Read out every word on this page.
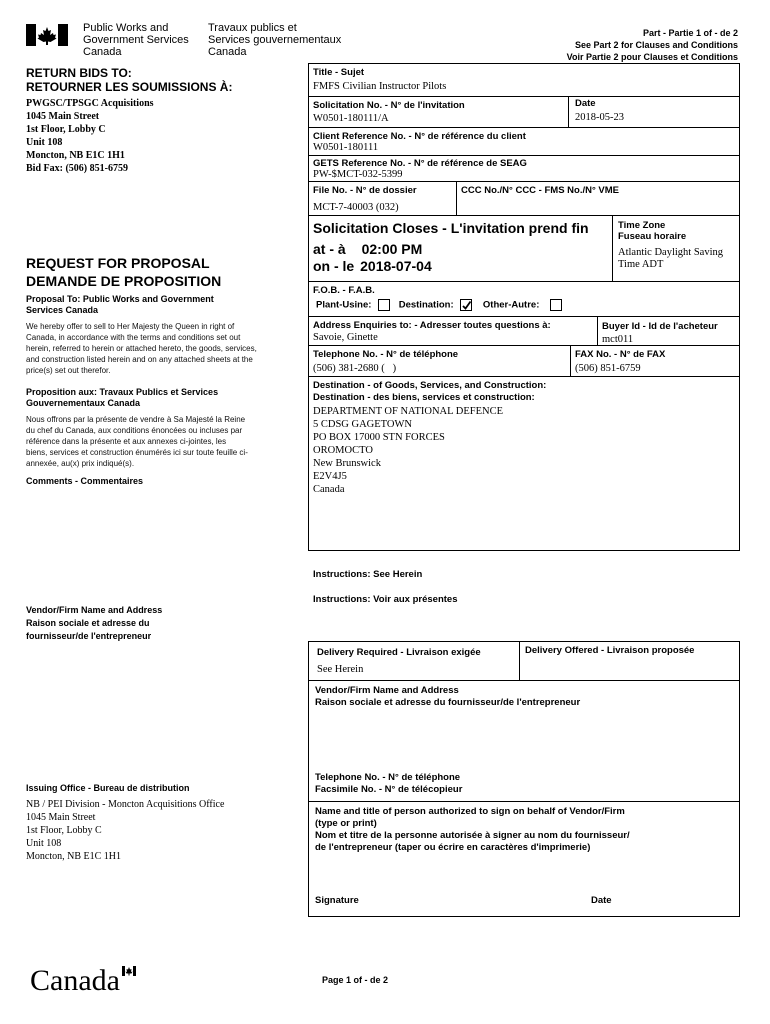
Public Works and
Government Services
Canada
Travaux publics et
Services gouvernementaux
Canada
Part - Partie 1 of - de 2
See Part 2 for Clauses and Conditions
Voir Partie 2 pour Clauses et Conditions
RETURN BIDS TO:
RETOURNER LES SOUMISSIONS À:
PWGSC/TPSGC Acquisitions
1045 Main Street
1st Floor, Lobby C
Unit 108
Moncton, NB E1C 1H1
Bid Fax: (506) 851-6759
REQUEST FOR PROPOSAL
DEMANDE DE PROPOSITION
Proposal To: Public Works and Government Services Canada
We hereby offer to sell to Her Majesty the Queen in right of Canada, in accordance with the terms and conditions set out herein, referred to herein or attached hereto, the goods, services, and construction listed herein and on any attached sheets at the price(s) set out therefor.
Proposition aux: Travaux Publics et Services Gouvernementaux Canada
Nous offrons par la présente de vendre à Sa Majesté la Reine du chef du Canada, aux conditions énoncées ou incluses par référence dans la présente et aux annexes ci-jointes, les biens, services et construction énumérés ici sur toute feuille ci-annexée, au(x) prix indiqué(s).
Comments - Commentaires
Vendor/Firm Name and Address
Raison sociale et adresse du
fournisseur/de l'entrepreneur
Issuing Office - Bureau de distribution
NB / PEI Division - Moncton Acquisitions Office
1045 Main Street
1st Floor, Lobby C
Unit 108
Moncton, NB E1C 1H1
Title - Sujet
FMFS Civilian Instructor Pilots
Solicitation No. - N° de l'invitation
W0501-180111/A
Date
2018-05-23
Client Reference No. - N° de référence du client
W0501-180111
GETS Reference No. - N° de référence de SEAG
PW-$MCT-032-5399
File No. - N° de dossier
MCT-7-40003 (032)
CCC No./N° CCC - FMS No./N° VME
Solicitation Closes - L'invitation prend fin
at - à 02:00 PM
on - le 2018-07-04
Time Zone
Fuseau horaire
Atlantic Daylight Saving
Time ADT
F.O.B. - F.A.B.
Plant-Usine:	Destination:	Other-Autre:
Address Enquiries to: - Adresser toutes questions à:
Savoie, Ginette
Buyer Id - Id de l'acheteur
mct011
Telephone No. - N° de téléphone
(506) 381-2680 (   )
FAX No. - N° de FAX
(506) 851-6759
Destination - of Goods, Services, and Construction:
Destination - des biens, services et construction:
DEPARTMENT OF NATIONAL DEFENCE
5 CDSG GAGETOWN
PO BOX 17000 STN FORCES
OROMOCTO
New Brunswick
E2V4J5
Canada
Instructions: See Herein
Instructions: Voir aux présentes
Delivery Required - Livraison exigée
See Herein
Delivery Offered - Livraison proposée
Vendor/Firm Name and Address
Raison sociale et adresse du fournisseur/de l'entrepreneur
Telephone No. - N° de téléphone
Facsimile No. - N° de télécopieur
Name and title of person authorized to sign on behalf of Vendor/Firm
(type or print)
Nom et titre de la personne autorisée à signer au nom du fournisseur/
de l'entrepreneur (taper ou écrire en caractères d'imprimerie)
Signature	Date
Canada	Page 1 of - de 2
